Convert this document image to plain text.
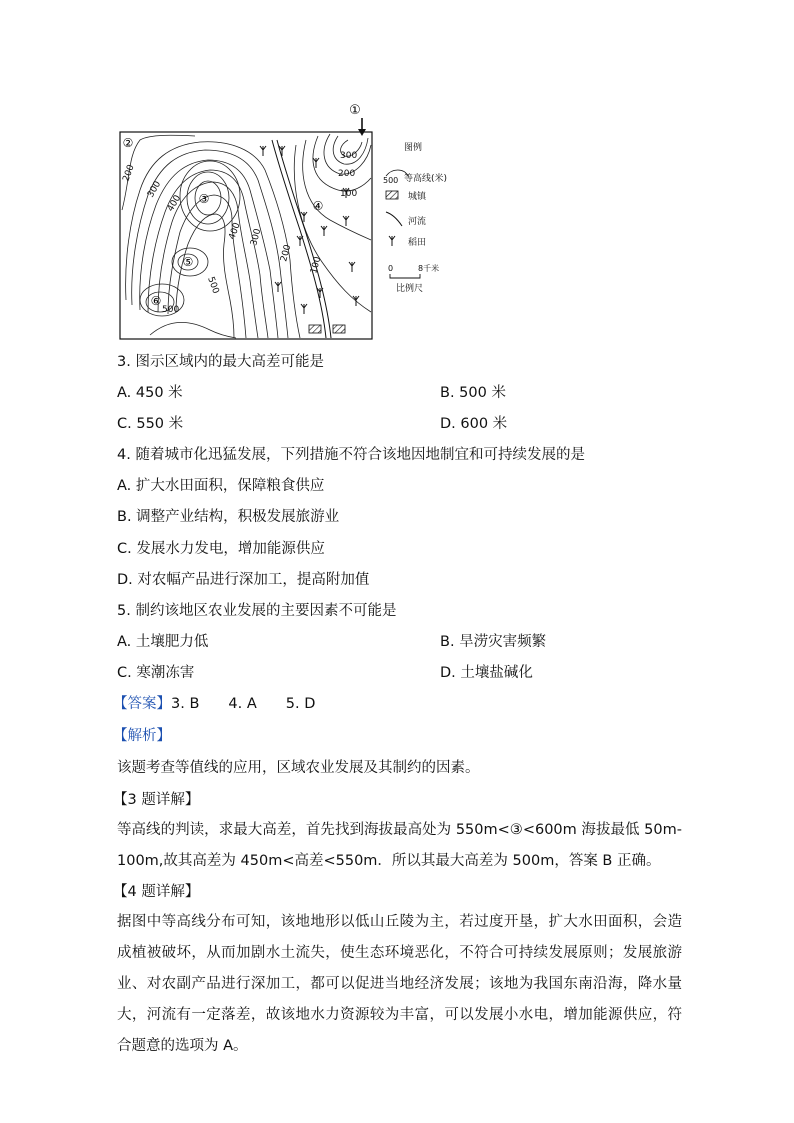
①
②
③	④
⑤
⑥
200
300
400
500
400 300
200
100
300
200
500
100
图例
500 等高线(米)
城镇
河流
稻田
0	8千米
比例尺
3. 图示区域内的最大高差可能是
A. 450 米	B. 500 米
C. 550 米	D. 600 米
4. 随着城市化迅猛发展，下列措施不符合该地因地制宜和可持续发展的是
A. 扩大水田面积，保障粮食供应
B. 调整产业结构，积极发展旅游业
C. 发展水力发电，增加能源供应
D. 对农幅产品进行深加工，提高附加值
5. 制约该地区农业发展的主要因素不可能是
A. 土壤肥力低	B. 旱涝灾害频繁
C. 寒潮冻害	D. 土壤盐碱化
【答案】3. B　　4. A　　5. D
【解析】
该题考查等值线的应用，区域农业发展及其制约的因素。
【3 题详解】
等高线的判读，求最大高差，首先找到海拔最高处为 550m<③<600m 海拔最低 50m-100m,故其高差为 450m<高差<550m．所以其最大高差为 500m，答案 B 正确。
【4 题详解】
据图中等高线分布可知，该地地形以低山丘陵为主，若过度开垦，扩大水田面积，会造成植被破坏，从而加剧水土流失，使生态环境恶化，不符合可持续发展原则；发展旅游业、对农副产品进行深加工，都可以促进当地经济发展；该地为我国东南沿海，降水量大，河流有一定落差，故该地水力资源较为丰富，可以发展小水电，增加能源供应，符合题意的选项为 A。
